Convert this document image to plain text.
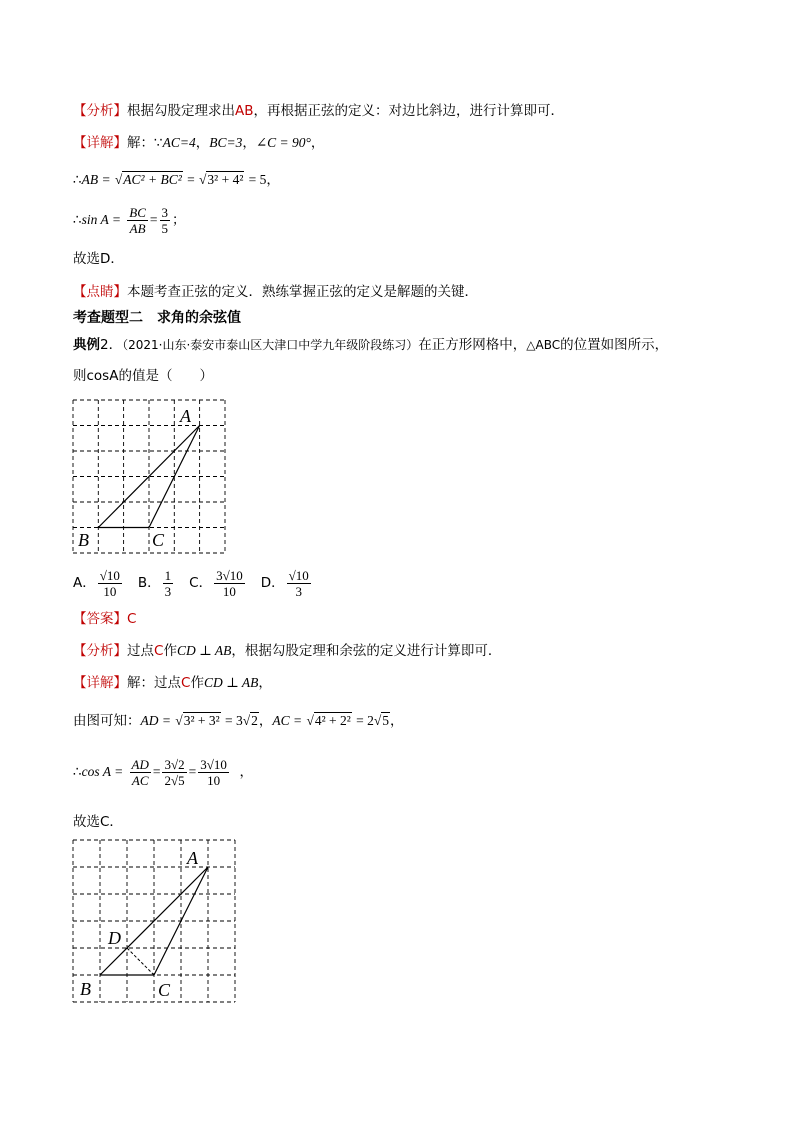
【分析】根据勾股定理求出AB，再根据正弦的定义：对边比斜边，进行计算即可．
【详解】解：∵AC=4，BC=3，∠C = 90°，
∴AB = √AC² + BC² = √3² + 4² = 5，
∴sin $A = \frac{BC}{AB} = \frac{3}{5}$ ；
故选D．
【点睛】本题考查正弦的定义．熟练掌握正弦的定义是解题的关键．
考查题型二　求角的余弦值
典例2．（2021·山东·泰安市泰山区大津口中学九年级阶段练习）在正方形网格中，△ABC的位置如图所示，
则cosA的值是（　　）
A
B	C
A． $\frac{√10}{10}$ B． $\frac{1}{3}$ C． $\frac{3√10}{10}$ D． $\frac{√10}{3}$
【答案】C
【分析】过点C作CD ⊥ AB，根据勾股定理和余弦的定义进行计算即可．
【详解】解：过点C作CD ⊥ AB，
由图可知：AD = √3² + 3² = 3√2，AC = √4² + 2² = 2√5，
∴cos $A = \frac{AD}{AC} = \frac{3√2}{2√5} = \frac{3√10}{10}$ ，
故选C．
A
B	C
D
